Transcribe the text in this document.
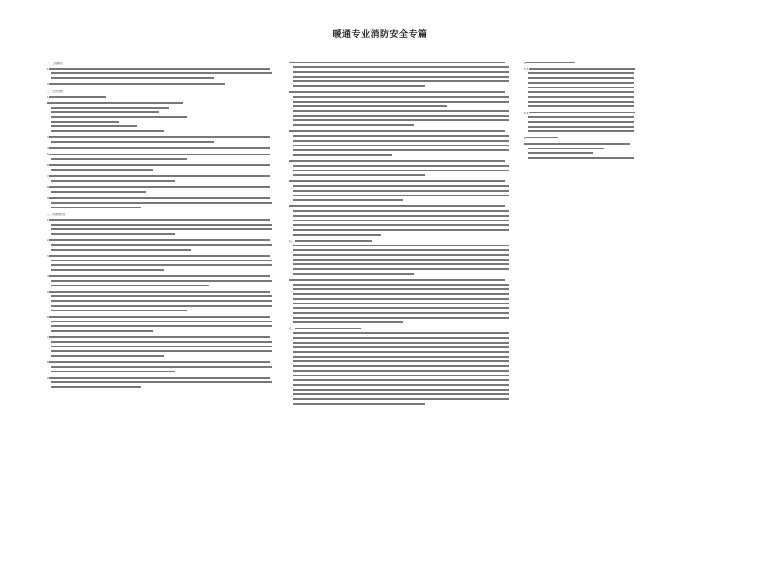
暖通专业消防安全专篇
一、工程概况
1
2
二、设计依据
1
3
4
5
6
7
8
9
三、防排烟系统
1
2
3
4
5
6
7
8
9
四、
五、
5
5.1
5.2
6
